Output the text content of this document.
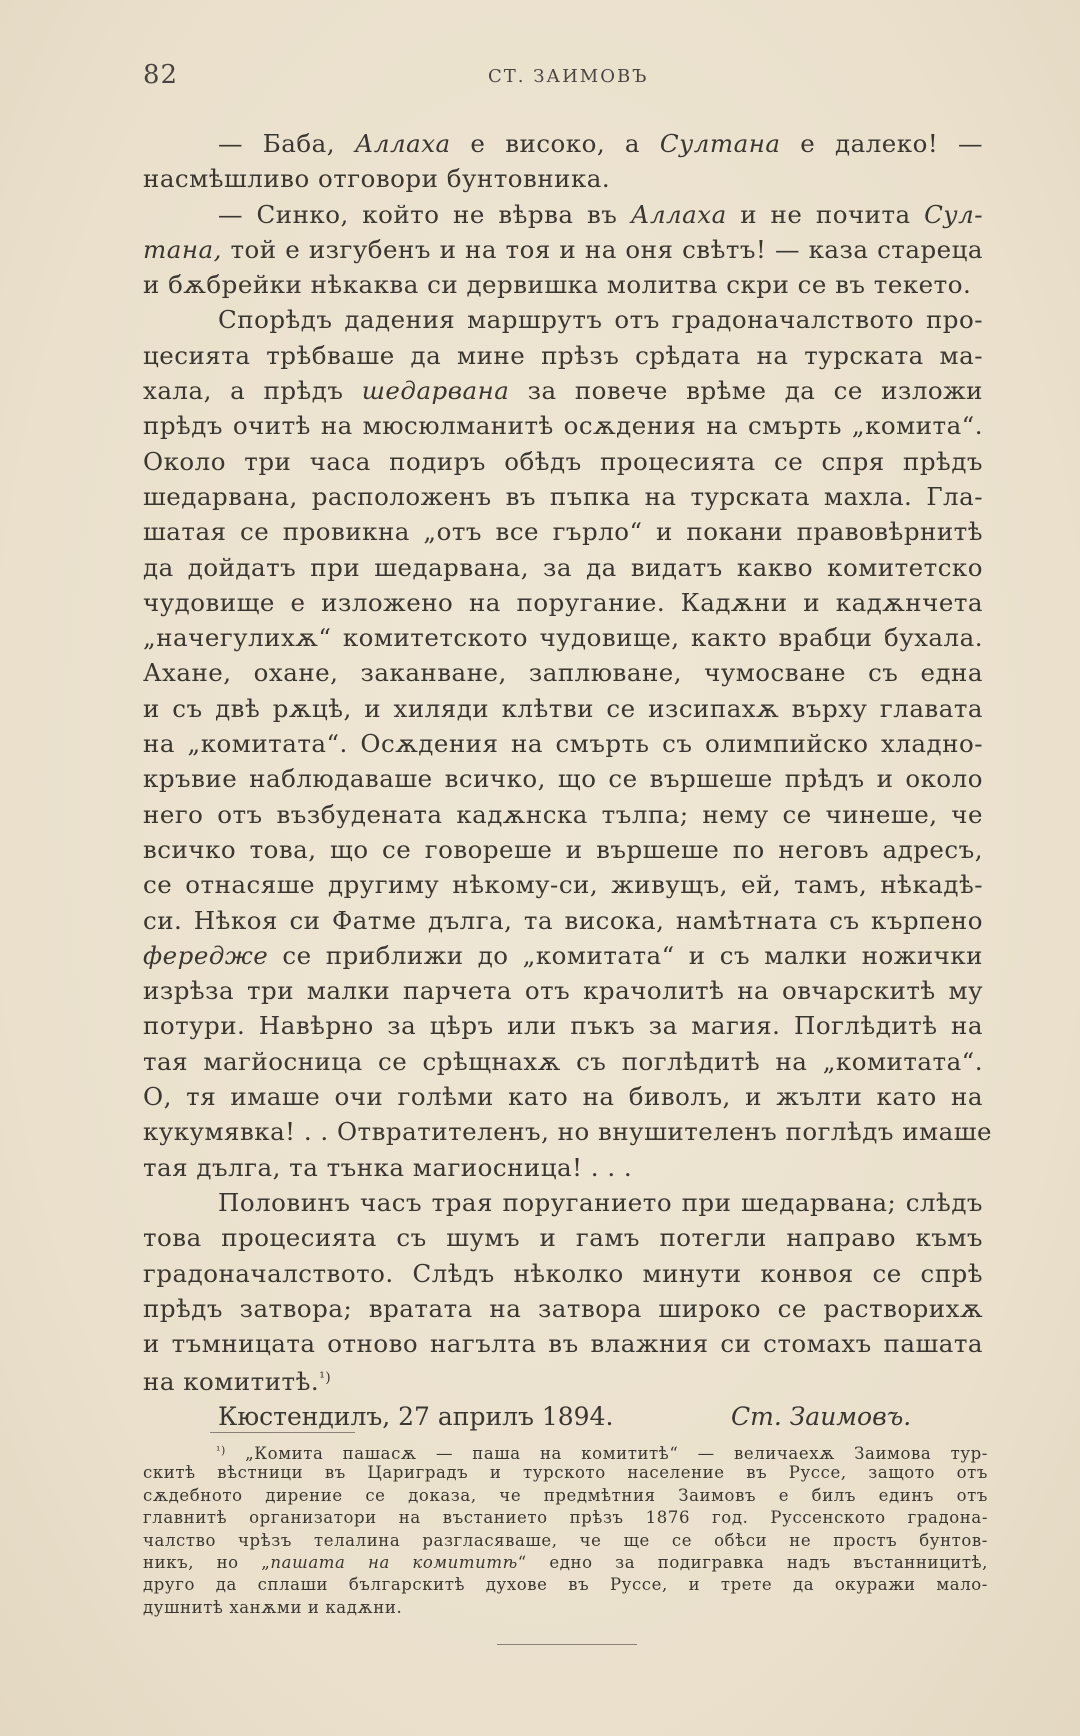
82	СТ. ЗАИМОВЪ
— Баба, Аллаха е високо, а Султана е далеко! —
насмѣшливо отговори бунтовника.
— Синко, който не вѣрва въ Аллаха и не почита Сул-
тана, той е изгубенъ и на тоя и на оня свѣтъ! — каза стареца
и бѫбрейки нѣкаква си дервишка молитва скри се въ текето.
Спорѣдъ дадения маршрутъ отъ градоначалството про-
цесията трѣбваше да мине прѣзъ срѣдата на турската ма-
хала, а прѣдъ шедарвана за повече врѣме да се изложи
прѣдъ очитѣ на мюсюлманитѣ осѫдения на смърть „комита“.
Около три часа подиръ обѣдъ процесията се спря прѣдъ
шедарвана, расположенъ въ пъпка на турската махла. Гла-
шатая се провикна „отъ все гърло“ и покани правовѣрнитѣ
да дойдатъ при шедарвана, за да видатъ какво комитетско
чудовище е изложено на поругание. Кадѫни и кадѫнчета
„начегулихѫ“ комитетското чудовище, както врабци бухала.
Ахане, охане, заканване, заплюване, чумосване съ една
и съ двѣ рѫцѣ, и хиляди клѣтви се изсипахѫ върху главата
на „комитата“. Осѫдения на смърть съ олимпийско хладно-
кръвие наблюдаваше всичко, що се вършеше прѣдъ и около
него отъ възбудената кадѫнска тълпа; нему се чинеше, че
всичко това, що се говореше и вършеше по неговъ адресъ,
се отнасяше другиму нѣкому-си, живущъ, ей, тамъ, нѣкадѣ-
си. Нѣкоя си Фатме дълга, та висока, намѣтната съ кърпено
фередже се приближи до „комитата“ и съ малки ножички
изрѣза три малки парчета отъ крачолитѣ на овчарскитѣ му
потури. Навѣрно за цѣръ или пъкъ за магия. Поглѣдитѣ на
тая магйосница се срѣщнахѫ съ поглѣдитѣ на „комитата“.
О, тя имаше очи голѣми като на биволъ, и жълти като на
кукумявка! . . Отвратителенъ, но внушителенъ поглѣдъ имаше
тая дълга, та тънка магиосница! . . .
Половинъ часъ трая поруганието при шедарвана; слѣдъ
това процесията съ шумъ и гамъ потегли направо къмъ
градоначалството. Слѣдъ нѣколко минути конвоя се спрѣ
прѣдъ затвора; вратата на затвора широко се растворихѫ
и тъмницата отново нагълта въ влажния си стомахъ пашата
на комититѣ.$^{^1)}$
Кюстендилъ, 27 априлъ 1894.	Ст. Заимовъ.
$^{^1)}$ „Комита пашасѫ — паша на комититѣ“ — величаехѫ Заимова тур-
скитѣ вѣстници въ Цариградъ и турското население въ Руссе, защото отъ
сѫдебното дирение се доказа, че предмѣтния Заимовъ е билъ единъ отъ
главнитѣ организатори на въстанието прѣзъ 1876 год. Руссенското градона-
чалство чрѣзъ телалина разгласяваше, че ще се обѣси не простъ бунтов-
никъ, но „пашата на комититѣ“ едно за подигравка надъ въстанницитѣ,
друго да сплаши българскитѣ духове въ Руссе, и трете да окуражи мало-
душнитѣ ханѫми и кадѫни.
